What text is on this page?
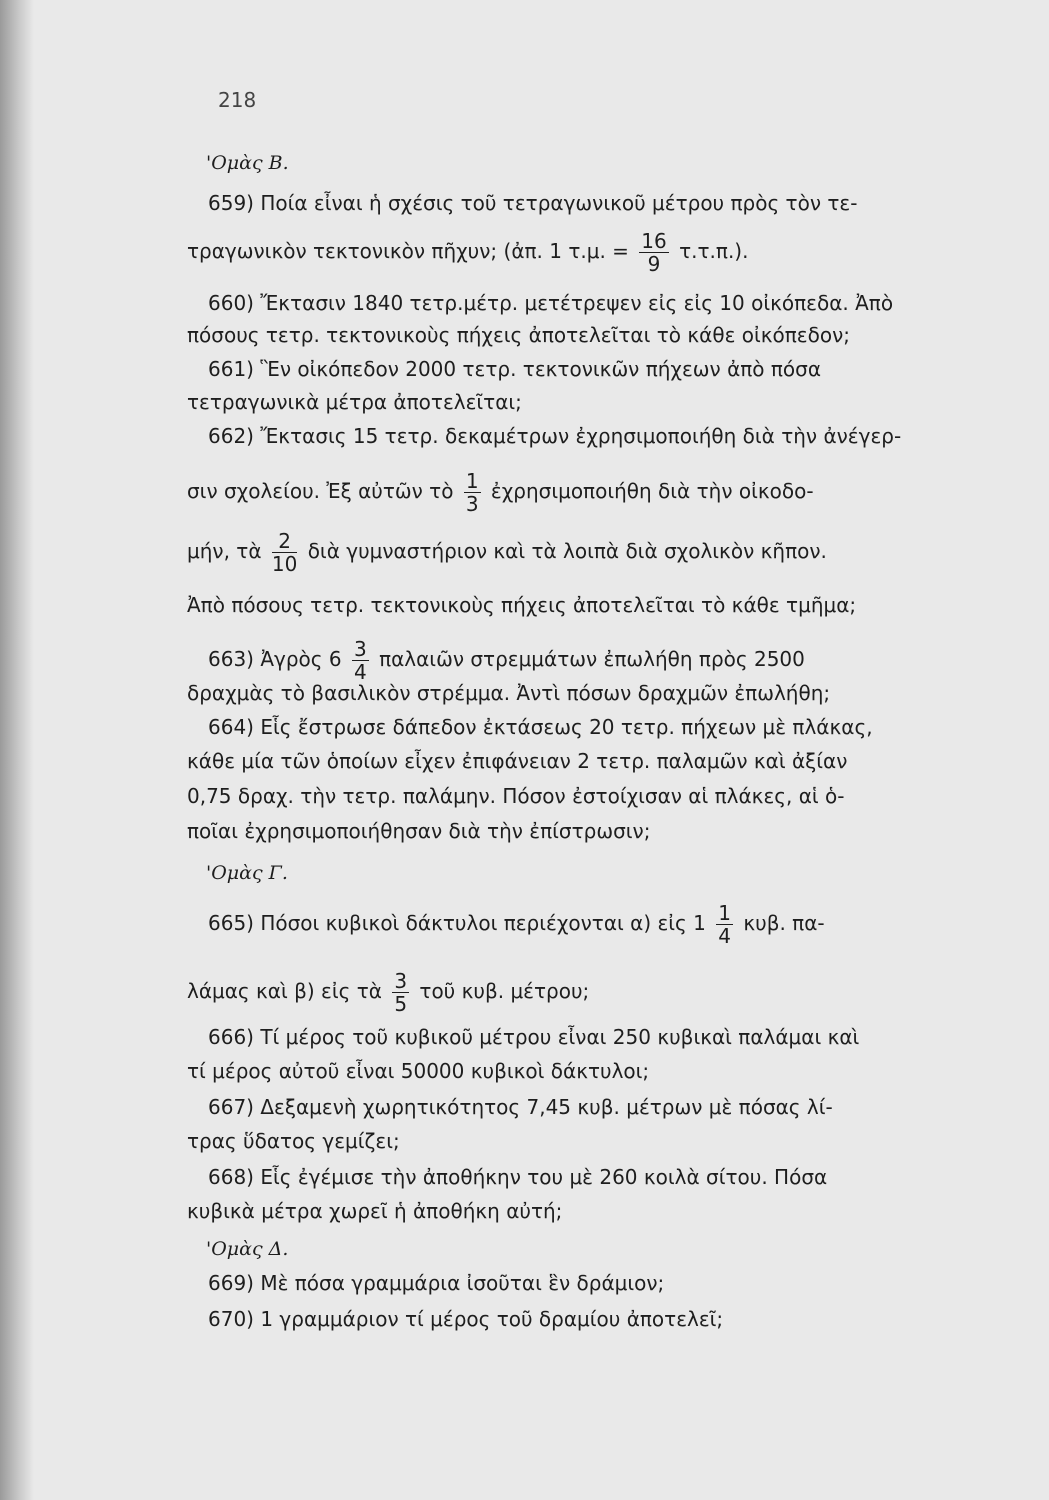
218
'Ομὰς Β.
659) Ποία εἶναι ἡ σχέσις τοῦ τετραγωνικοῦ μέτρου πρὸς τὸν τε-
τραγωνικὸν τεκτονικὸν πῆχυν; (ἀπ. 1 τ.μ. = $\frac{16}{9} \tau.\tau.\pi$.).
660) Ἔκτασιν 1840 τετρ.μέτρ. μετέτρεψεν εἰς εἰς 10 οἰκόπεδα. Ἀπὸ
πόσους τετρ. τεκτονικοὺς πήχεις ἀποτελεῖται τὸ κάθε οἰκόπεδον;
661) Ἓν οἰκόπεδον 2000 τετρ. τεκτονικῶν πήχεων ἀπὸ πόσα
τετραγωνικὰ μέτρα ἀποτελεῖται;
662) Ἔκτασις 15 τετρ. δεκαμέτρων ἐχρησιμοποιήθη διὰ τὴν ἀνέγερ-
σιν σχολείου. Ἐξ αὐτῶν τὸ $\frac{1}{3}$ ἐχρησιμοποιήθη διὰ τὴν οἰκοδο-
μήν, τὰ $\frac{2}{10}$ διὰ γυμναστήριον καὶ τὰ λοιπὰ διὰ σχολικὸν κῆπον.
Ἀπὸ πόσους τετρ. τεκτονικοὺς πήχεις ἀποτελεῖται τὸ κάθε τμῆμα;
663) Ἀγρὸς $6 \frac{3}{4}$ παλαιῶν στρεμμάτων ἐπωλήθη πρὸς 2500
δραχμὰς τὸ βασιλικὸν στρέμμα. Ἀντὶ πόσων δραχμῶν ἐπωλήθη;
664) Εἷς ἔστρωσε δάπεδον ἐκτάσεως 20 τετρ. πήχεων μὲ πλάκας,
κάθε μία τῶν ὁποίων εἶχεν ἐπιφάνειαν 2 τετρ. παλαμῶν καὶ ἀξίαν
0,75 δραχ. τὴν τετρ. παλάμην. Πόσον ἐστοίχισαν αἱ πλάκες, αἱ ὁ-
ποῖαι ἐχρησιμοποιήθησαν διὰ τὴν ἐπίστρωσιν;
'Ομὰς Γ.
665) Πόσοι κυβικοὶ δάκτυλοι περιέχονται α) εἰς $1 \frac{1}{4} \kappa\upsilon\beta$. πα-
λάμας καὶ β) εἰς τὰ $\frac{3}{5}$ τοῦ κυβ. μέτρου;
666) Τί μέρος τοῦ κυβικοῦ μέτρου εἶναι 250 κυβικαὶ παλάμαι καὶ
τί μέρος αὐτοῦ εἶναι 50000 κυβικοὶ δάκτυλοι;
667) Δεξαμενὴ χωρητικότητος 7,45 κυβ. μέτρων μὲ πόσας λί-
τρας ὕδατος γεμίζει;
668) Εἷς ἐγέμισε τὴν ἀποθήκην του μὲ 260 κοιλὰ σίτου. Πόσα
κυβικὰ μέτρα χωρεῖ ἡ ἀποθήκη αὐτή;
'Ομὰς Δ.
669) Μὲ πόσα γραμμάρια ἰσοῦται ἓν δράμιον;
670) 1 γραμμάριον τί μέρος τοῦ δραμίου ἀποτελεῖ;
